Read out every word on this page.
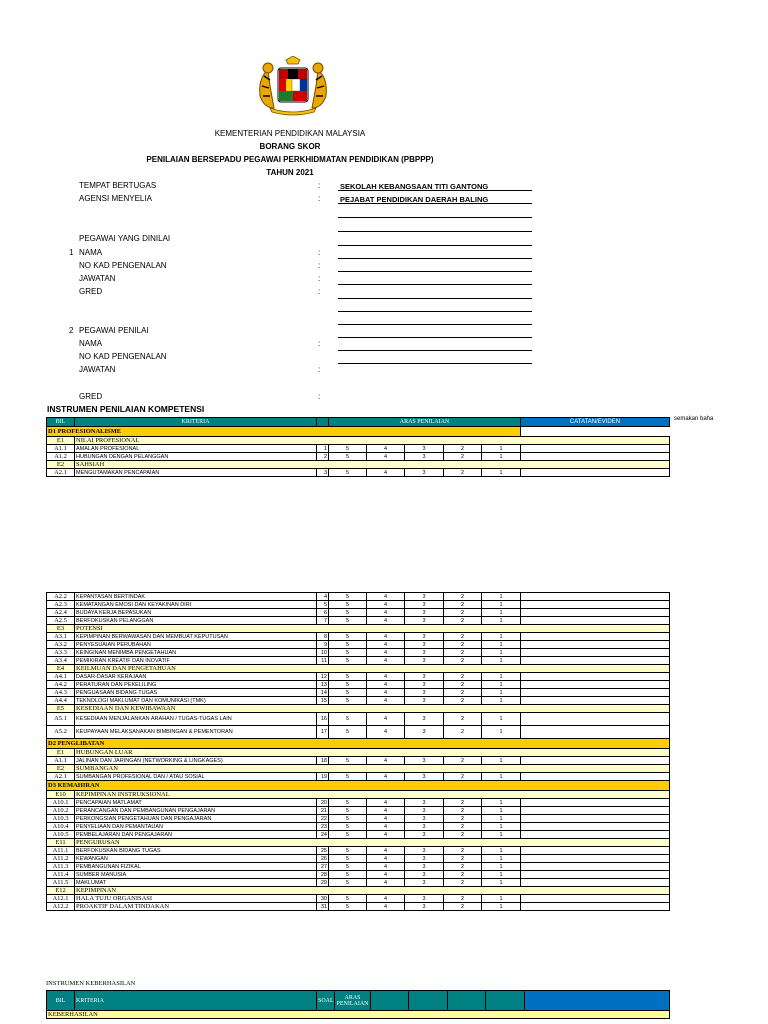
KEMENTERIAN PENDIDIKAN MALAYSIA
BORANG SKOR
PENILAIAN BERSEPADU PEGAWAI PERKHIDMATAN PENDIDIKAN (PBPPP)
TAHUN 2021
TEMPAT BERTUGAS	:	SEKOLAH KEBANGSAAN TITI GANTONG
AGENSI MENYELIA	:	PEJABAT PENDIDIKAN DAERAH BALING
PEGAWAI YANG DINILAI
1 NAMA	:
NO KAD PENGENALAN	:
JAWATAN	:
GRED	:
2 PEGAWAI PENILAI
NAMA	:
NO KAD PENGENALAN
JAWATAN	:
GRED	:
INSTRUMEN PENILAIAN KOMPETENSI
semakan baha
BIL	KRITERIA		ARAS PENILAIAN					CATATAN/EVIDEN
D1 PROFESIONALISME								
E1	NILAI PROFESIONAL							
A1.1	AMALAN PROFESIONAL	1	5	4	3	2	1	
A1.2	HUBUNGAN DENGAN PELANGGAN	2	5	4	3	2	1	
E2	SAHSIAH							
A2.1	MENGUTAMAKAN PENCAPAIAN	3	5	4	3	2	1	
A2.2	KEPANTASAN BERTINDAK	4	5	4	3	2	1	
A2.3	KEMATANGAN EMOSI DAN KEYAKINAN DIRI	5	5	4	3	2	1	
A2.4	BUDAYA KERJA BEPASUKAN	6	5	4	3	2	1	
A2.5	BERFOKUSKAN PELANGGAN	7	5	4	3	2	1	
E3	POTENSI							
A3.1	KEPIMPINAN BERWAWASAN DAN MEMBUAT KEPUTUSAN	8	5	4	3	2	1	
A3.2	PENYESUAIAN PERUBAHAN	9	5	4	3	2	1	
A3.3	KEINGINAN MENIMBA PENGETAHUAN	10	5	4	3	2	1	
A3.4	PEMIKIRAN KREATIF DAN INOVATIF	11	5	4	3	2	1	
E4	KEILMUAN DAN PENGETAHUAN							
A4.1	DASAR-DASAR KERAJAAN	12	5	4	3	2	1	
A4.2	PERATURAN DAN PEKELILING	13	5	4	3	2	1	
A4.3	PENGUASAAN BIDANG TUGAS	14	5	4	3	2	1	
A4.4	TEKNOLOGI MAKLUMAT DAN KOMUNIKASI (TMK)	15	5	4	3	2	1	
E5	KESEDIAAN DAN KEWIBAWAAN							
A5.1	KESEDIAAN MENJALANKAN ARAHAN / TUGAS-TUGAS LAIN	16	5	4	3	2	1	
A5.2	KEUPAYAAN MELAKSANAKAN BIMBINGAN & PEMENTORAN	17	5	4	3	2	1	
D2 PENGLIBATAN								
E1	HUBUNGAN LUAR							
A1.1	JALINAN DAN JARINGAN (NETWORKING & LINGKAGES)	18	5	4	3	2	1	
E2	SUMBANGAN							
A2.1	SUMBANGAN PROFESIONAL DAN / ATAU SOSIAL	19	5	4	3	2	1	
D3 KEMAHIRAN								
E10	KEPIMPINAN INSTRUKSIONAL							
A10.1	PENCAPAIAN MATLAMAT	20	5	4	3	2	1	
A10.2	PERANCANGAN DAN PEMBANGUNAN PENGAJARAN	21	5	4	3	2	1	
A10.3	PERKONGSIAN PENGETAHUAN DAN PENGAJARAN	22	5	4	3	2	1	
A10.4	PENYELIAAN DAN PEMANTAUAN	23	5	4	3	2	1	
A10.5	PEMBELAJARAN DAN PENGAJARAN	24	5	4	3	2	1	
E11	PENGURUSAN							
A11.1	BERFOKUSKAN BIDANG TUGAS	25	5	4	3	2	1	
A11.2	KEWANGAN	26	5	4	3	2	1	
A11.3	PEMBANGUNAN FIZIKAL	27	5	4	3	2	1	
A11.4	SUMBER MANUSIA	28	5	4	3	2	1	
A11.5	MAKLUMAT	29	5	4	3	2	1	
E12	KEPIMPINAN							
A12.1	HALA TUJU ORGANISASI	30	5	4	3	2	1	
A12.2	PROAKTIF DALAM TINDAKAN	31	5	4	3	2	1	
INSTRUMEN KEBERHASILAN
BIL	KRITERIA	SOAL	ARAS PENILAIAN					
KEBERHASILAN
